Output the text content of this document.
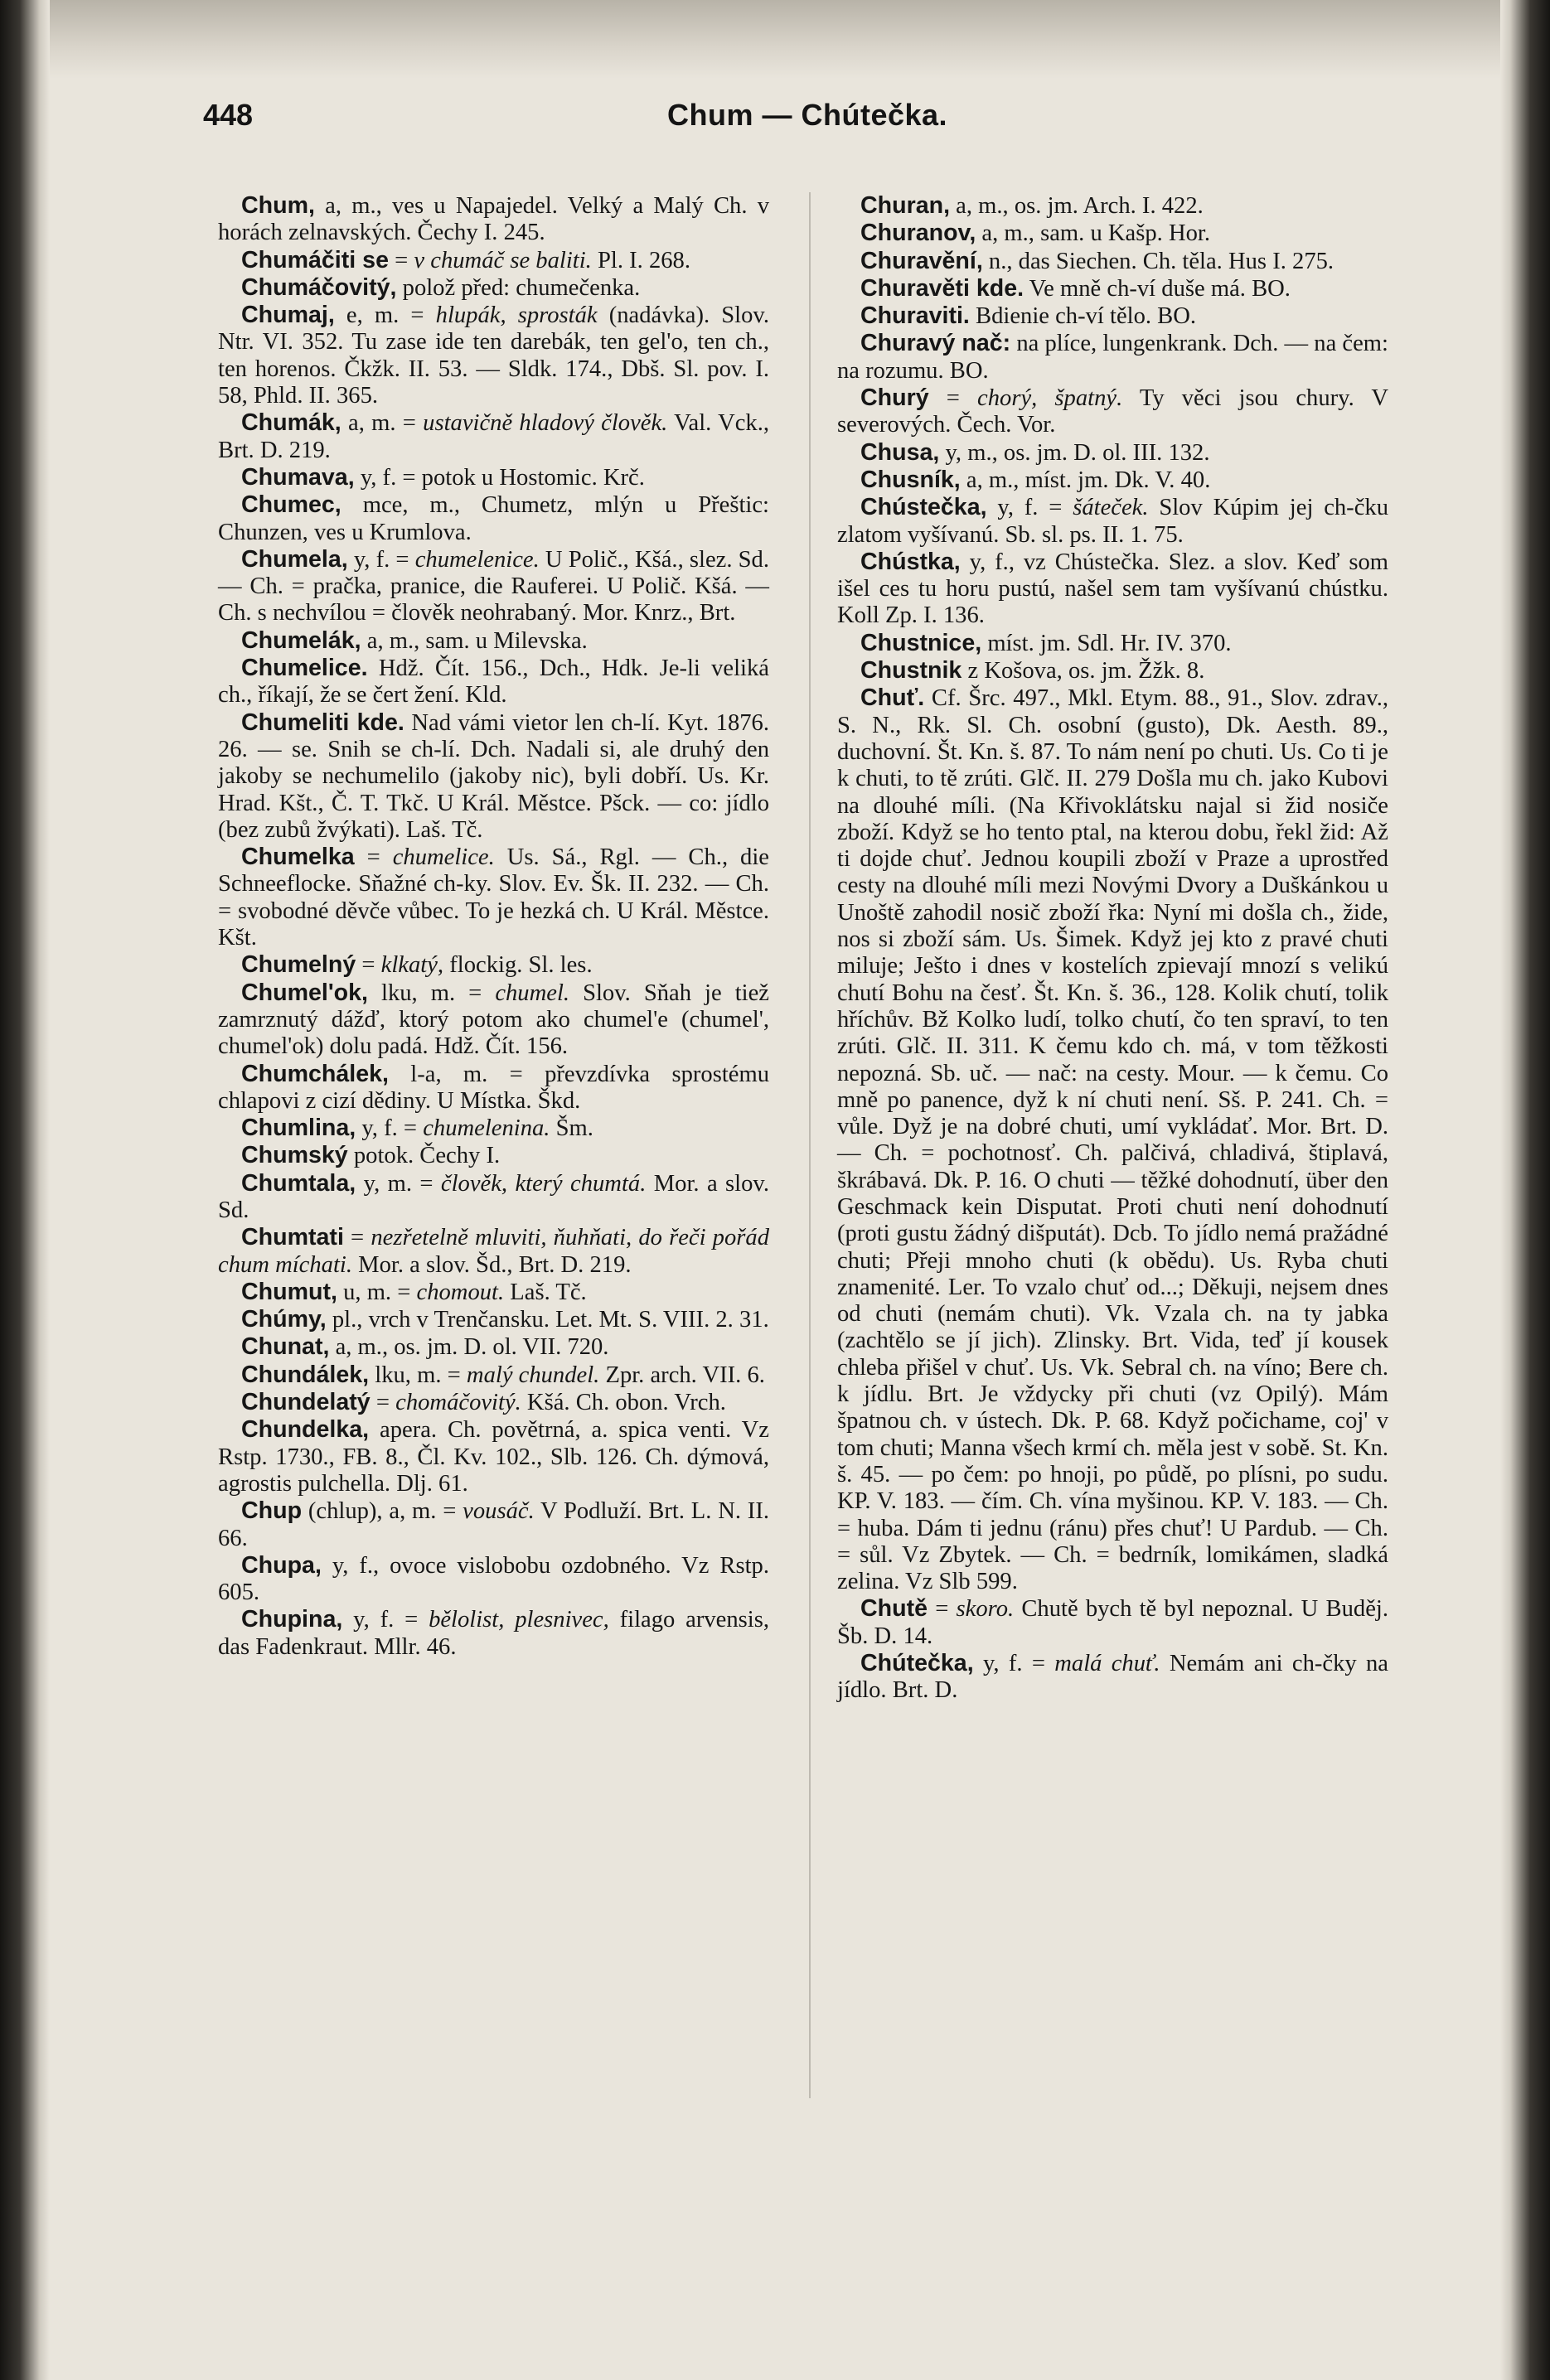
448	Chum — Chútečka.

Chum, a, m., ves u Napajedel. Velký a Malý Ch. v horách zelnavských. Čechy I. 245.

Chumáčiti se = v chumáč se baliti. Pl. I. 268.

Chumáčovitý, polož před: chumečenka.

Chumaj, e, m. = hlupák, sprosták (nadávka). Slov. Ntr. VI. 352. Tu zase ide ten darebák, ten gel'o, ten ch., ten horenos. Čkžk. II. 53. — Sldk. 174., Dbš. Sl. pov. I. 58, Phld. II. 365.

Chumák, a, m. = ustavičně hladový člověk. Val. Vck., Brt. D. 219.

Chumava, y, f. = potok u Hostomic. Krč.

Chumec, mce, m., Chumetz, mlýn u Přeštic: Chunzen, ves u Krumlova.

Chumela, y, f. = chumelenice. U Polič., Kšá., slez. Sd. — Ch. = pračka, pranice, die Rauferei. U Polič. Kšá. — Ch. s nechvílou = člověk neohrabaný. Mor. Knrz., Brt.

Chumelák, a, m., sam. u Milevska.

Chumelice. Hdž. Čít. 156., Dch., Hdk. Je-li veliká ch., říkají, že se čert žení. Kld.

Chumeliti kde. Nad vámi vietor len ch-lí. Kyt. 1876. 26. — se. Snih se ch-lí. Dch. Nadali si, ale druhý den jakoby se nechumelilo (jakoby nic), byli dobří. Us. Kr. Hrad. Kšt., Č. T. Tkč. U Král. Městce. Pšck. — co: jídlo (bez zubů žvýkati). Laš. Tč.

Chumelka = chumelice. Us. Sá., Rgl. — Ch., die Schneeflocke. Sňažné ch-ky. Slov. Ev. Šk. II. 232. — Ch. = svobodné děvče vůbec. To je hezká ch. U Král. Městce. Kšt.

Chumelný = klkatý, flockig. Sl. les.

Chumel'ok, lku, m. = chumel. Slov. Sňah je tiež zamrznutý dážď, ktorý potom ako chumel'e (chumel', chumel'ok) dolu padá. Hdž. Čít. 156.

Chumchálek, l-a, m. = převzdívka sprostému chlapovi z cizí dědiny. U Místka. Škd.

Chumlina, y, f. = chumelenina. Šm.

Chumský potok. Čechy I.

Chumtala, y, m. = člověk, který chumtá. Mor. a slov. Sd.

Chumtati = nezřetelně mluviti, ňuhňati, do řeči pořád chum míchati. Mor. a slov. Šd., Brt. D. 219.

Chumut, u, m. = chomout. Laš. Tč.

Chúmy, pl., vrch v Trenčansku. Let. Mt. S. VIII. 2. 31.

Chunat, a, m., os. jm. D. ol. VII. 720.

Chundálek, lku, m. = malý chundel. Zpr. arch. VII. 6.

Chundelatý = chomáčovitý. Kšá. Ch. obon. Vrch.

Chundelka, apera. Ch. povětrná, a. spica venti. Vz Rstp. 1730., FB. 8., Čl. Kv. 102., Slb. 126. Ch. dýmová, agrostis pulchella. Dlj. 61.

Chup (chlup), a, m. = vousáč. V Podluží. Brt. L. N. II. 66.

Chupa, y, f., ovoce vislobobu ozdobného. Vz Rstp. 605.

Chupina, y, f. = bělolist, plesnivec, filago arvensis, das Fadenkraut. Mllr. 46.

Churan, a, m., os. jm. Arch. I. 422.

Churanov, a, m., sam. u Kašp. Hor.

Churavění, n., das Siechen. Ch. těla. Hus I. 275.

Churavěti kde. Ve mně ch-ví duše má. BO.

Churaviti. Bdienie ch-ví tělo. BO.

Churavý nač: na plíce, lungenkrank. Dch. — na čem: na rozumu. BO.

Churý = chorý, špatný. Ty věci jsou chury. V severových. Čech. Vor.

Chusa, y, m., os. jm. D. ol. III. 132.

Chusník, a, m., míst. jm. Dk. V. 40.

Chústečka, y, f. = šáteček. Slov Kúpim jej ch-čku zlatom vyšívanú. Sb. sl. ps. II. 1. 75.

Chústka, y, f., vz Chústečka. Slez. a slov. Keď som išel ces tu horu pustú, našel sem tam vyšívanú chústku. Koll Zp. I. 136.

Chustnice, míst. jm. Sdl. Hr. IV. 370.

Chustnik z Košova, os. jm. Žžk. 8.

Chuť. Cf. Šrc. 497., Mkl. Etym. 88., 91., Slov. zdrav., S. N., Rk. Sl. Ch. osobní (gusto), Dk. Aesth. 89., duchovní. Št. Kn. š. 87. To nám není po chuti. Us. Co ti je k chuti, to tě zrúti. Glč. II. 279 Došla mu ch. jako Kubovi na dlouhé míli. (Na Křivoklátsku najal si žid nosiče zboží. Když se ho tento ptal, na kterou dobu, řekl žid: Až ti dojde chuť. Jednou koupili zboží v Praze a uprostřed cesty na dlouhé míli mezi Novými Dvory a Duškánkou u Unoště zahodil nosič zboží řka: Nyní mi došla ch., žide, nos si zboží sám. Us. Šimek. Když jej kto z pravé chuti miluje; Ješto i dnes v kostelích zpievají mnozí s velikú chutí Bohu na česť. Št. Kn. š. 36., 128. Kolik chutí, tolik hříchův. Bž Kolko ludí, tolko chutí, čo ten spraví, to ten zrúti. Glč. II. 311. K čemu kdo ch. má, v tom těžkosti nepozná. Sb. uč. — nač: na cesty. Mour. — k čemu. Co mně po panence, dyž k ní chuti není. Sš. P. 241. Ch. = vůle. Dyž je na dobré chuti, umí vykládať. Mor. Brt. D. — Ch. = pochotnosť. Ch. palčivá, chladivá, štiplavá, škrábavá. Dk. P. 16. O chuti — těžké dohodnutí, über den Geschmack kein Disputat. Proti chuti není dohodnutí (proti gustu žádný dišputát). Dcb. To jídlo nemá pražádné chuti; Přeji mnoho chuti (k obědu). Us. Ryba chuti znamenité. Ler. To vzalo chuť od...; Děkuji, nejsem dnes od chuti (nemám chuti). Vk. Vzala ch. na ty jabka (zachtělo se jí jich). Zlinsky. Brt. Vida, teď jí kousek chleba přišel v chuť. Us. Vk. Sebral ch. na víno; Bere ch. k jídlu. Brt. Je vždycky při chuti (vz Opilý). Mám špatnou ch. v ústech. Dk. P. 68. Když počichame, coj' v tom chuti; Manna všech krmí ch. měla jest v sobě. St. Kn. š. 45. — po čem: po hnoji, po půdě, po plísni, po sudu. KP. V. 183. — čím. Ch. vína myšinou. KP. V. 183. — Ch. = huba. Dám ti jednu (ránu) přes chuť! U Pardub. — Ch. = sůl. Vz Zbytek. — Ch. = bedrník, lomikámen, sladká zelina. Vz Slb 599.

Chutě = skoro. Chutě bych tě byl nepoznal. U Buděj. Šb. D. 14.

Chútečka, y, f. = malá chuť. Nemám ani ch-čky na jídlo. Brt. D.
